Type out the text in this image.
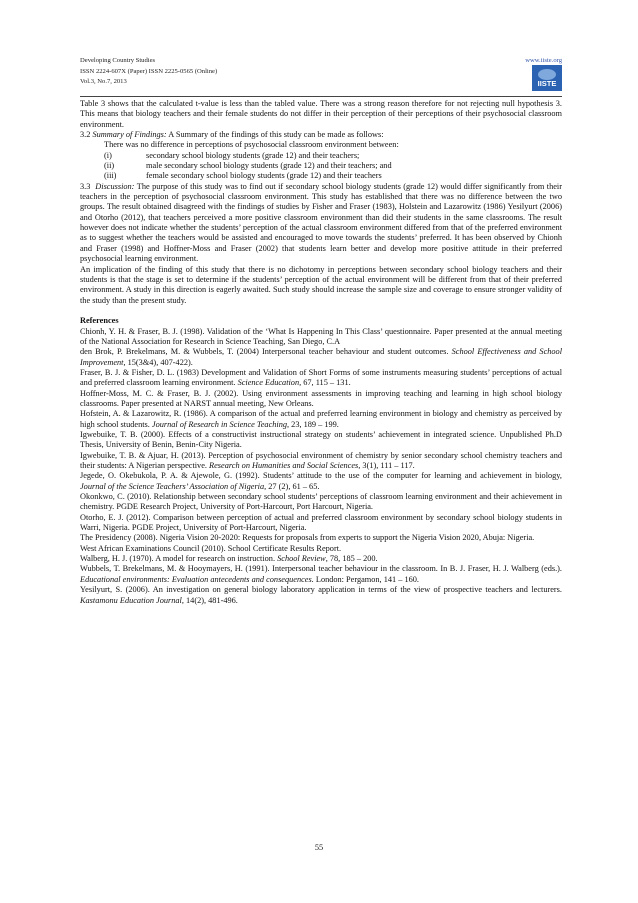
Developing Country Studies
ISSN 2224-607X (Paper) ISSN 2225-0565 (Online)
Vol.3, No.7, 2013
www.iiste.org
IISTE

Table 3 shows that the calculated t-value is less than the tabled value. There was a strong reason therefore for not rejecting null hypothesis 3. This means that biology teachers and their female students do not differ in their perception of their perceptions of their psychosocial classroom environment.

3.2 Summary of Findings: A Summary of the findings of this study can be made as follows:

There was no difference in perceptions of psychosocial classroom environment between:
(i)	secondary school biology students (grade 12) and their teachers;
(ii)	male secondary school biology students (grade 12) and their teachers; and
(iii)	female secondary school biology students (grade 12) and their teachers

3.3 Discussion: The purpose of this study was to find out if secondary school biology students (grade 12) would differ significantly from their teachers in the perception of psychosocial classroom environment. This study has established that there was no difference between the two groups. The result obtained disagreed with the findings of studies by Fisher and Fraser (1983), Holstein and Lazarowitz (1986) Yesilyurt (2006) and Otorho (2012), that teachers perceived a more positive classroom environment than did their students in the same classrooms. The result however does not indicate whether the students’ perception of the actual classroom environment differed from that of the preferred environment as to suggest whether the teachers would be assisted and encouraged to move towards the students’ preferred. It has been observed by Chionh and Fraser (1998) and Hoffner-Moss and Fraser (2002) that students learn better and develop more positive attitude in their preferred psychosocial learning environment.

An implication of the finding of this study that there is no dichotomy in perceptions between secondary school biology teachers and their students is that the stage is set to determine if the students’ perception of the actual environment will be different from that of their preferred environment. A study in this direction is eagerly awaited. Such study should increase the sample size and coverage to ensure stronger validity of the study than the present study.

References

Chionh, Y. H. & Fraser, B. J. (1998). Validation of the ‘What Is Happening In This Class’ questionnaire. Paper presented at the annual meeting of the National Association for Research in Science Teaching, San Diego, C.A

den Brok, P. Brekelmans, M. & Wubbels, T. (2004) Interpersonal teacher behaviour and student outcomes. School Effectiveness and School Improvement, 15(3&4), 407-422).

Fraser, B. J. & Fisher, D. L. (1983) Development and Validation of Short Forms of some instruments measuring students’ perceptions of actual and preferred classroom learning environment. Science Education, 67, 115 – 131.

Hoffner-Moss, M. C. & Fraser, B. J. (2002). Using environment assessments in improving teaching and learning in high school biology classrooms. Paper presented at NARST annual meeting, New Orleans.

Hofstein, A. & Lazarowitz, R. (1986). A comparison of the actual and preferred learning environment in biology and chemistry as perceived by high school students. Journal of Research in Science Teaching, 23, 189 – 199.

Igwebuike, T. B. (2000). Effects of a constructivist instructional strategy on students’ achievement in integrated science. Unpublished Ph.D Thesis, University of Benin, Benin-City Nigeria.

Igwebuike, T. B. & Ajuar, H. (2013). Perception of psychosocial environment of chemistry by senior secondary school chemistry teachers and their students: A Nigerian perspective. Research on Humanities and Social Sciences, 3(1), 111 – 117.

Jegede, O. Okebukola, P. A. & Ajewole, G. (1992). Students’ attitude to the use of the computer for learning and achievement in biology, Journal of the Science Teachers’ Association of Nigeria, 27 (2), 61 – 65.

Okonkwo, C. (2010). Relationship between secondary school students’ perceptions of classroom learning environment and their achievement in chemistry. PGDE Research Project, University of Port-Harcourt, Port Harcourt, Nigeria.

Otorho, E. J. (2012). Comparison between perception of actual and preferred classroom environment by secondary school biology students in Warri, Nigeria. PGDE Project, University of Port-Harcourt, Nigeria.

The Presidency (2008). Nigeria Vision 20-2020: Requests for proposals from experts to support the Nigeria Vision 2020, Abuja: Nigeria.

West African Examinations Council (2010). School Certificate Results Report.

Walberg, H. J. (1970). A model for research on instruction. School Review, 78, 185 – 200.

Wubbels, T. Brekelmans, M. & Hooymayers, H. (1991). Interpersonal teacher behaviour in the classroom. In B. J. Fraser, H. J. Walberg (eds.). Educational environments: Evaluation antecedents and consequences. London: Pergamon, 141 – 160.

Yesilyurt, S. (2006). An investigation on general biology laboratory application in terms of the view of prospective teachers and lecturers. Kastamonu Education Journal, 14(2), 481-496.

55
